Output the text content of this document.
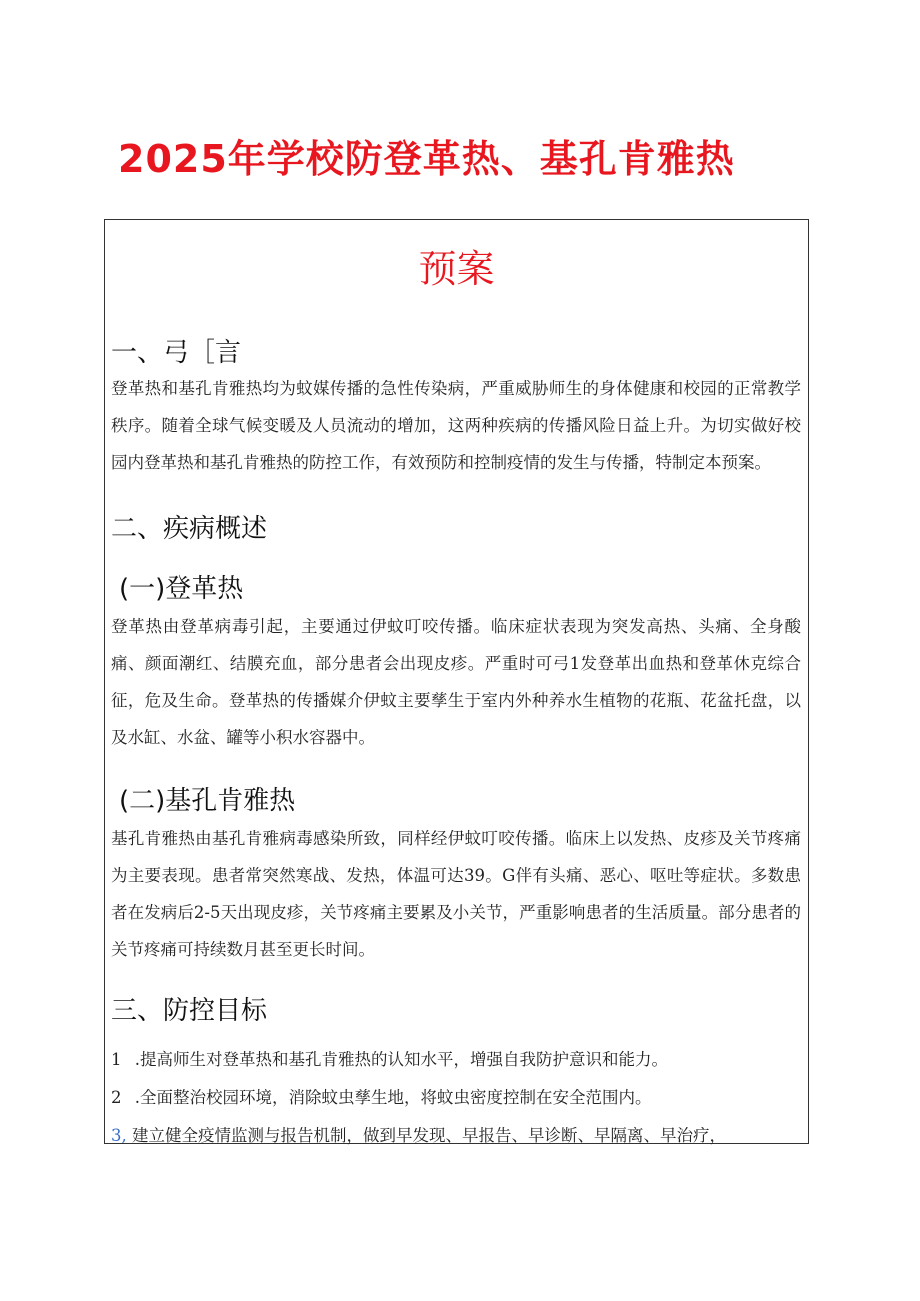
2025年学校防登革热、基孔肯雅热
预案
一、弓［言
登革热和基孔肯雅热均为蚊媒传播的急性传染病，严重威胁师生的身体健康和校园的正常教学秩序。随着全球气候变暖及人员流动的增加，这两种疾病的传播风险日益上升。为切实做好校园内登革热和基孔肯雅热的防控工作，有效预防和控制疫情的发生与传播，特制定本预案。
二、疾病概述
(一)登革热
登革热由登革病毒引起，主要通过伊蚊叮咬传播。临床症状表现为突发高热、头痛、全身酸痛、颜面潮红、结膜充血，部分患者会出现皮疹。严重时可弓1发登革出血热和登革休克综合征，危及生命。登革热的传播媒介伊蚊主要孳生于室内外种养水生植物的花瓶、花盆托盘，以及水缸、水盆、罐等小积水容器中。
(二)基孔肯雅热
基孔肯雅热由基孔肯雅病毒感染所致，同样经伊蚊叮咬传播。临床上以发热、皮疹及关节疼痛为主要表现。患者常突然寒战、发热，体温可达39。G伴有头痛、恶心、呕吐等症状。多数患者在发病后2-5天出现皮疹，关节疼痛主要累及小关节，严重影响患者的生活质量。部分患者的关节疼痛可持续数月甚至更长时间。
三、防控目标
1 .提高师生对登革热和基孔肯雅热的认知水平，增强自我防护意识和能力。
2 .全面整治校园环境，消除蚊虫孳生地，将蚊虫密度控制在安全范围内。
3, 建立健全疫情监测与报告机制，做到早发现、早报告、早诊断、早隔离、早治疗，
